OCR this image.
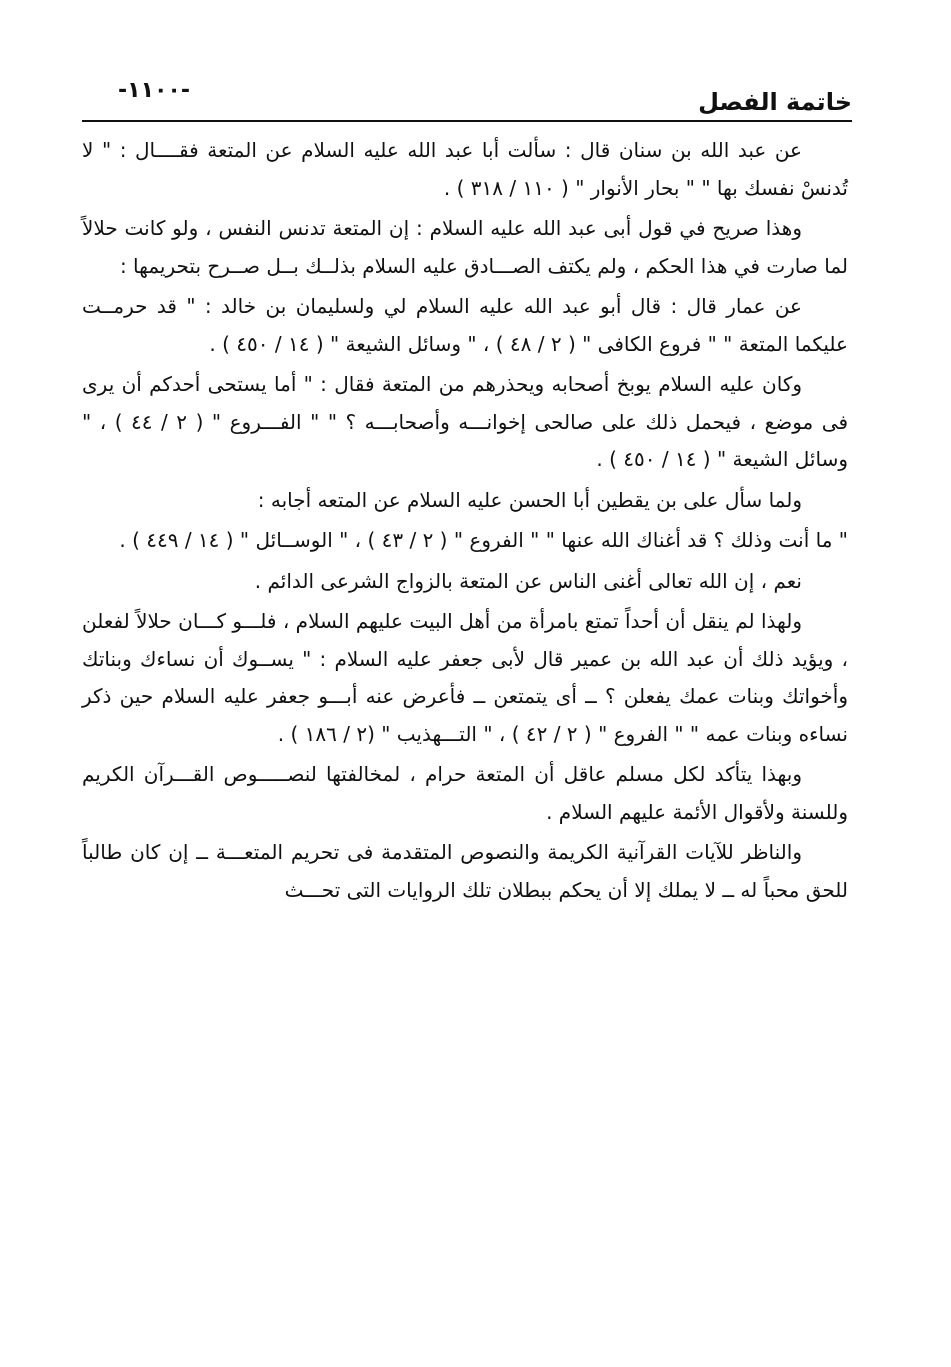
خاتمة الفصل
-١١٠٠-

عن عبد الله بن سنان قال : سألت أبا عبد الله عليه السلام عن المتعة فقــــال : " لا تُدنسْ نفسك بها " " بحار الأنوار " ( ١١٠ / ٣١٨ ) .

وهذا صريح في قول أبى عبد الله عليه السلام : إن المتعة تدنس النفس ، ولو كانت حلالاً لما صارت في هذا الحكم ، ولم يكتف الصـــادق عليه السلام بذلــك بــل صــرح بتحريمها :

عن عمار قال : قال أبو عبد الله عليه السلام لي ولسليمان بن خالد : " قد حرمــت عليكما المتعة " " فروع الكافى " ( ٢ / ٤٨ ) ، " وسائل الشيعة " ( ١٤ / ٤٥٠ ) .

وكان عليه السلام يوبخ أصحابه ويحذرهم من المتعة فقال : " أما يستحى أحدكم أن يرى فى موضع ، فيحمل ذلك على صالحى إخوانـــه وأصحابـــه ؟ " " الفـــروع " ( ٢ / ٤٤ ) ، " وسائل الشيعة " ( ١٤ / ٤٥٠ ) .

ولما سأل على بن يقطين أبا الحسن عليه السلام عن المتعه أجابه :

" ما أنت وذلك ؟ قد أغناك الله عنها " " الفروع " ( ٢ / ٤٣ ) ، " الوســائل " ( ١٤ / ٤٤٩ ) .

نعم ، إن الله تعالى أغنى الناس عن المتعة بالزواج الشرعى الدائم .

ولهذا لم ينقل أن أحداً تمتع بامرأة من أهل البيت عليهم السلام ، فلـــو كـــان حلالاً لفعلن ، ويؤيد ذلك أن عبد الله بن عمير قال لأبى جعفر عليه السلام : " يســوك أن نساءك وبناتك وأخواتك وبنات عمك يفعلن ؟ ــ أى يتمتعن ــ فأعرض عنه أبـــو جعفر عليه السلام حين ذكر نساءه وبنات عمه " " الفروع " ( ٢ / ٤٢ ) ، " التـــهذيب " (٢ / ١٨٦ ) .

وبهذا يتأكد لكل مسلم عاقل أن المتعة حرام ، لمخالفتها لنصـــــوص القـــرآن الكريم وللسنة ولأقوال الأئمة عليهم السلام .

والناظر للآيات القرآنية الكريمة والنصوص المتقدمة فى تحريم المتعـــة ــ إن كان طالباً للحق محباً له ــ لا يملك إلا أن يحكم ببطلان تلك الروايات التى تحـــث
